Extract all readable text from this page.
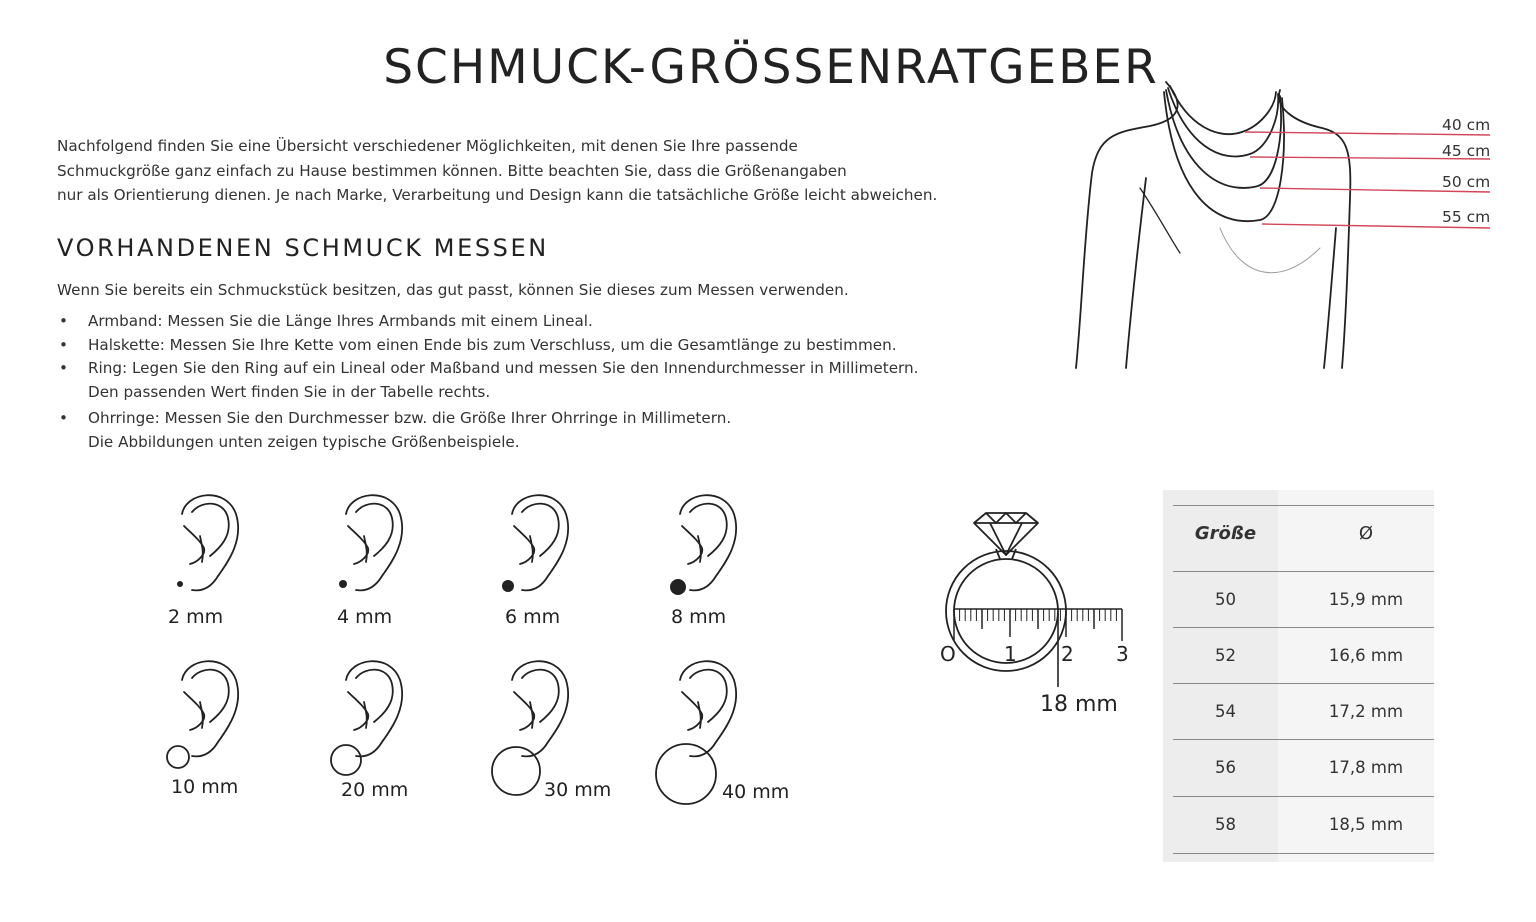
SCHMUCK-GRÖSSENRATGEBER
Nachfolgend finden Sie eine Übersicht verschiedener Möglichkeiten, mit denen Sie Ihre passende
Schmuckgröße ganz einfach zu Hause bestimmen können. Bitte beachten Sie, dass die Größenangaben
nur als Orientierung dienen. Je nach Marke, Verarbeitung und Design kann die tatsächliche Größe leicht abweichen.
VORHANDENEN SCHMUCK MESSEN
Wenn Sie bereits ein Schmuckstück besitzen, das gut passt, können Sie dieses zum Messen verwenden.
• Armband: Messen Sie die Länge Ihres Armbands mit einem Lineal.
• Halskette: Messen Sie Ihre Kette vom einen Ende bis zum Verschluss, um die Gesamtlänge zu bestimmen.
• Ring: Legen Sie den Ring auf ein Lineal oder Maßband und messen Sie den Innendurchmesser in Millimetern.
Den passenden Wert finden Sie in der Tabelle rechts.
• Ohrringe: Messen Sie den Durchmesser bzw. die Größe Ihrer Ohrringe in Millimetern.
Die Abbildungen unten zeigen typische Größenbeispiele.
40 cm
45 cm
50 cm
55 cm
2 mm	4 mm	6 mm	8 mm
10 mm	20 mm	30 mm	40 mm
O 1 2 3
18 mm
Größe	Ø
50	15,9 mm
52	16,6 mm
54	17,2 mm
56	17,8 mm
58	18,5 mm
